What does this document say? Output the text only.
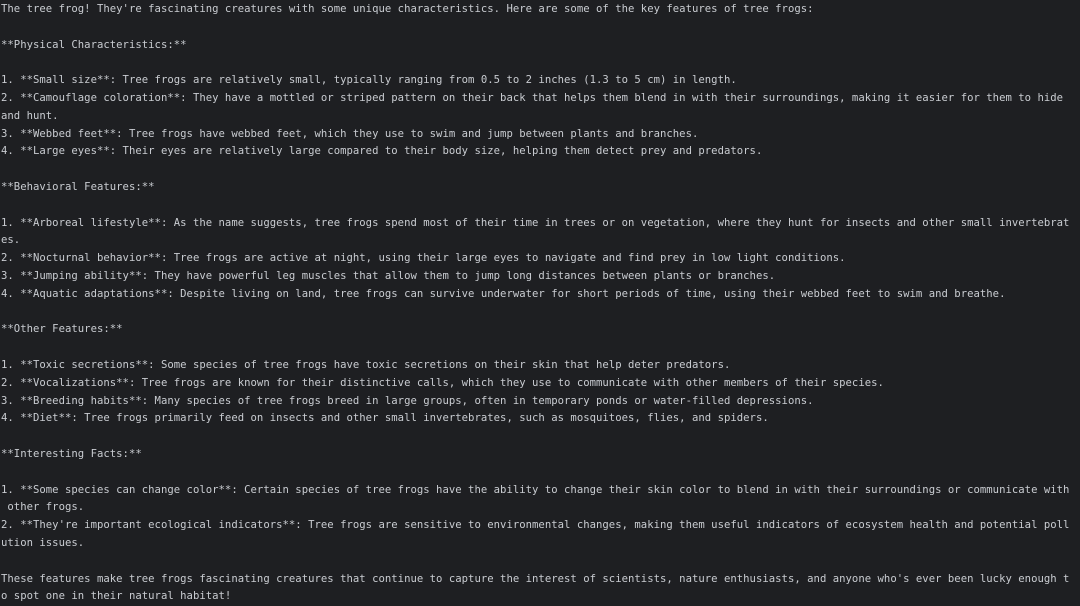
The tree frog! They're fascinating creatures with some unique characteristics. Here are some of the key features of tree frogs:
**Physical Characteristics:**
1. **Small size**: Tree frogs are relatively small, typically ranging from 0.5 to 2 inches (1.3 to 5 cm) in length.
2. **Camouflage coloration**: They have a mottled or striped pattern on their back that helps them blend in with their surroundings, making it easier for them to hide
and hunt.
3. **Webbed feet**: Tree frogs have webbed feet, which they use to swim and jump between plants and branches.
4. **Large eyes**: Their eyes are relatively large compared to their body size, helping them detect prey and predators.
**Behavioral Features:**
1. **Arboreal lifestyle**: As the name suggests, tree frogs spend most of their time in trees or on vegetation, where they hunt for insects and other small invertebrat
es.
2. **Nocturnal behavior**: Tree frogs are active at night, using their large eyes to navigate and find prey in low light conditions.
3. **Jumping ability**: They have powerful leg muscles that allow them to jump long distances between plants or branches.
4. **Aquatic adaptations**: Despite living on land, tree frogs can survive underwater for short periods of time, using their webbed feet to swim and breathe.
**Other Features:**
1. **Toxic secretions**: Some species of tree frogs have toxic secretions on their skin that help deter predators.
2. **Vocalizations**: Tree frogs are known for their distinctive calls, which they use to communicate with other members of their species.
3. **Breeding habits**: Many species of tree frogs breed in large groups, often in temporary ponds or water-filled depressions.
4. **Diet**: Tree frogs primarily feed on insects and other small invertebrates, such as mosquitoes, flies, and spiders.
**Interesting Facts:**
1. **Some species can change color**: Certain species of tree frogs have the ability to change their skin color to blend in with their surroundings or communicate with
other frogs.
2. **They're important ecological indicators**: Tree frogs are sensitive to environmental changes, making them useful indicators of ecosystem health and potential poll
ution issues.
These features make tree frogs fascinating creatures that continue to capture the interest of scientists, nature enthusiasts, and anyone who's ever been lucky enough t
o spot one in their natural habitat!
